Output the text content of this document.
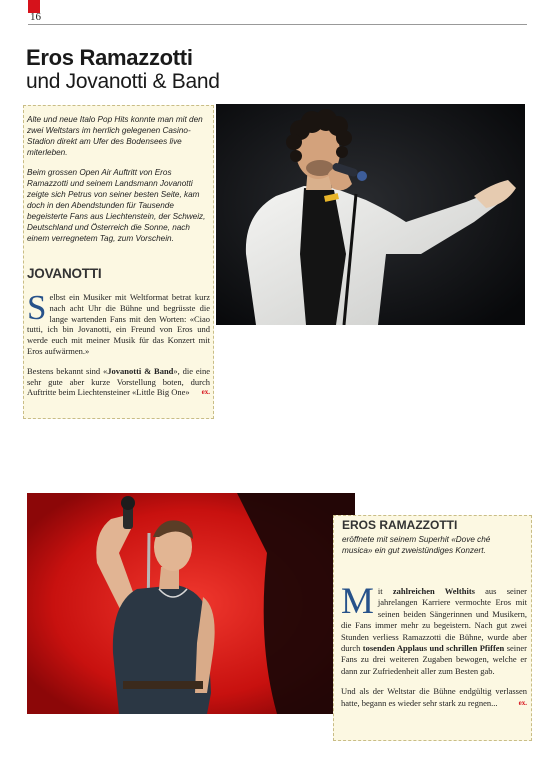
16
Eros Ramazzotti
und Jovanotti & Band

Alte und neue Italo Pop Hits konnte man mit den zwei Weltstars im herrlich gelegenen Casino-Stadion direkt am Ufer des Bodensees live miterleben.

Beim grossen Open Air Auftritt von Eros Ramazzotti und seinem Landsmann Jovanotti zeigte sich Petrus von seiner besten Seite, kam doch in den Abendstunden für Tausende begeisterte Fans aus Liechtenstein, der Schweiz, Deutschland und Österreich die Sonne, nach einem verregnetem Tag, zum Vorschein.

JOVANOTTI

Selbst ein Musiker mit Weltformat betrat kurz nach acht Uhr die Bühne und begrüsste die lange wartenden Fans mit den Worten: «Ciao tutti, ich bin Jovanotti, ein Freund von Eros und werde euch mit meiner Musik für das Konzert mit Eros aufwärmen.»

Bestens bekannt sind «Jovanotti & Band», die eine sehr gute aber kurze Vorstellung boten, durch Auftritte beim Liechtensteiner «Little Big One» ex.

EROS RAMAZZOTTI
eröffnete mit seinem Superhit «Dove ché musica» ein gut zweistündiges Konzert.

Mit zahlreichen Welthits aus seiner jahrelangen Karriere vermochte Eros mit seinen beiden Sängerinnen und Musikern, die Fans immer mehr zu begeistern. Nach gut zwei Stunden verliess Ramazzotti die Bühne, wurde aber durch tosenden Applaus und schrillen Pfiffen seiner Fans zu drei weiteren Zugaben bewogen, welche er dann zur Zufriedenheit aller zum Besten gab.

Und als der Weltstar die Bühne endgültig verlassen hatte, begann es wieder sehr stark zu regnen...	ex.
